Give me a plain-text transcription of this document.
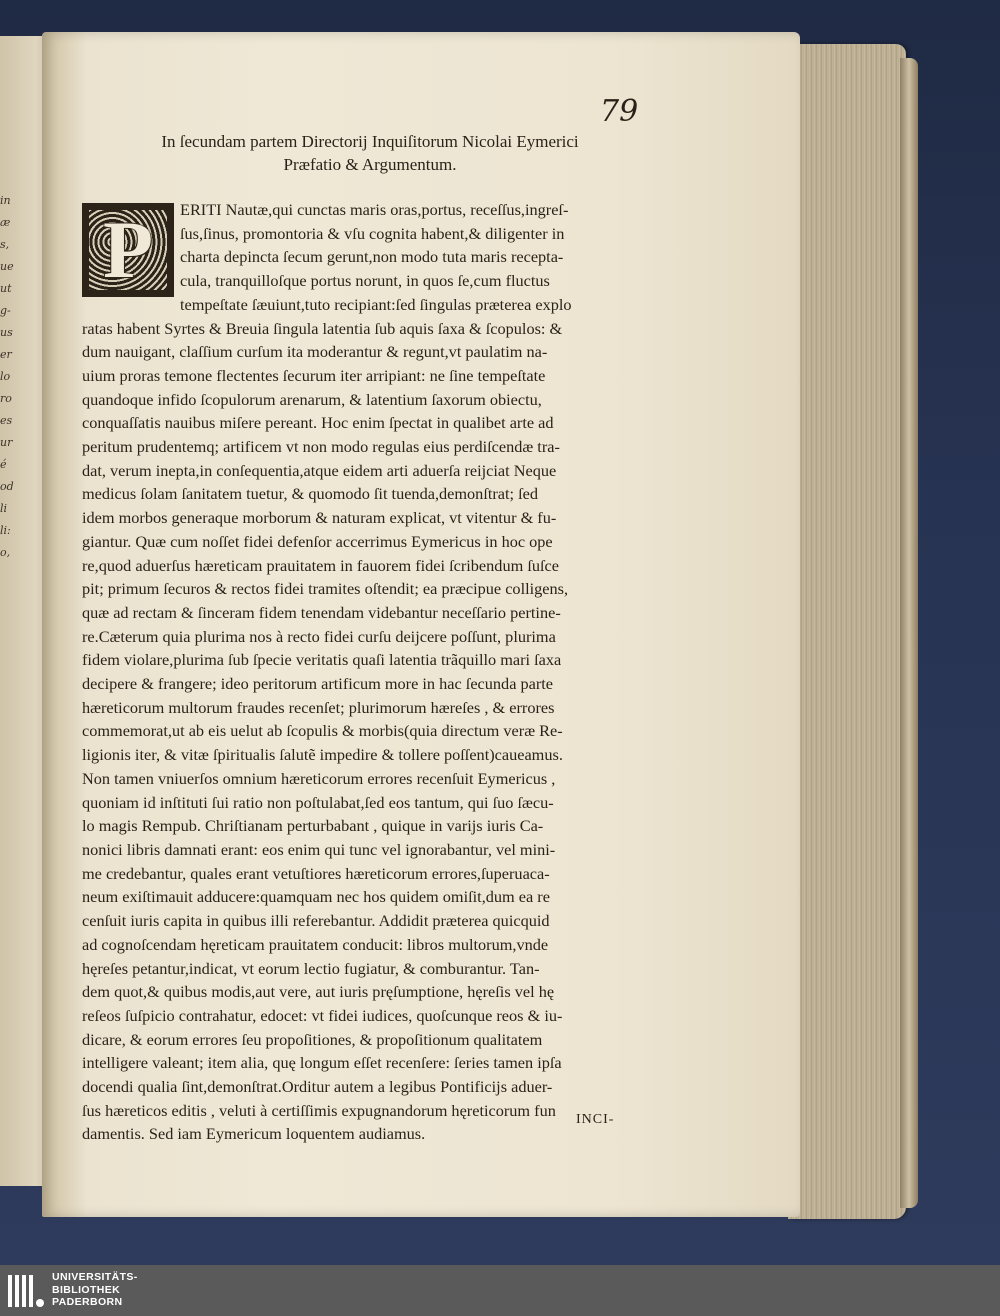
in
æ
s,
ue
ut
g-
us
er
lo
ro
es
ur
é
od
li
li:
o,

79
In ſecundam partem Directorij Inquiſitorum Nicolai Eymerici
Præfatio & Argumentum.
ERITI Nautæ,qui cunctas maris oras,portus, receſſus,ingreſ-
ſus,ſinus, promontoria & vſu cognita habent,& diligenter in
charta depincta ſecum gerunt,non modo tuta maris recepta-
cula, tranquilloſque portus norunt, in quos ſe,cum fluctus
tempeſtate ſæuiunt,tuto recipiant:ſed ſingulas præterea explo
ratas habent Syrtes & Breuia ſingula latentia ſub aquis ſaxa & ſcopulos: &
dum nauigant, claſſium curſum ita moderantur & regunt,vt paulatim na-
uium proras temone flectentes ſecurum iter arripiant: ne ſine tempeſtate
quandoque infido ſcopulorum arenarum, & latentium ſaxorum obiectu,
conquaſſatis nauibus miſere pereant. Hoc enim ſpectat in qualibet arte ad
peritum prudentemq; artificem vt non modo regulas eius perdiſcendæ tra-
dat, verum inepta,in conſequentia,atque eidem arti aduerſa reijciat Neque
medicus ſolam ſanitatem tuetur, & quomodo ſit tuenda,demonſtrat; ſed
idem morbos generaque morborum & naturam explicat, vt vitentur & fu-
giantur. Quæ cum noſſet fidei defenſor accerrimus Eymericus in hoc ope
re,quod aduerſus hæreticam prauitatem in fauorem fidei ſcribendum ſuſce
pit; primum ſecuros & rectos fidei tramites oſtendit; ea præcipue colligens,
quæ ad rectam & ſinceram fidem tenendam videbantur neceſſario pertine-
re.Cæterum quia plurima nos à recto fidei curſu deijcere poſſunt, plurima
fidem violare,plurima ſub ſpecie veritatis quaſi latentia trãquillo mari ſaxa
decipere & frangere; ideo peritorum artificum more in hac ſecunda parte
hæreticorum multorum fraudes recenſet; plurimorum hæreſes , & errores
commemorat,ut ab eis uelut ab ſcopulis & morbis(quia directum veræ Re-
ligionis iter, & vitæ ſpiritualis ſalutẽ impedire & tollere poſſent)caueamus.
Non tamen vniuerſos omnium hæreticorum errores recenſuit Eymericus ,
quoniam id inſtituti ſui ratio non poſtulabat,ſed eos tantum, qui ſuo ſæcu-
lo magis Rempub. Chriſtianam perturbabant , quique in varijs iuris Ca-
nonici libris damnati erant: eos enim qui tunc vel ignorabantur, vel mini-
me credebantur, quales erant vetuſtiores hæreticorum errores,ſuperuaca-
neum exiſtimauit adducere:quamquam nec hos quidem omiſit,dum ea re
cenſuit iuris capita in quibus illi referebantur. Addidit præterea quicquid
ad cognoſcendam hęreticam prauitatem conducit: libros multorum,vnde
hęreſes petantur,indicat, vt eorum lectio fugiatur, & comburantur. Tan-
dem quot,& quibus modis,aut vere, aut iuris pręſumptione, hęreſis vel hę
reſeos ſuſpicio contrahatur, edocet: vt fidei iudices, quoſcunque reos & iu-
dicare, & eorum errores ſeu propoſitiones, & propoſitionum qualitatem
intelligere valeant; item alia, quę longum eſſet recenſere: ſeries tamen ipſa
docendi qualia ſint,demonſtrat.Orditur autem a legibus Pontificijs aduer-
ſus hæreticos editis , veluti à certiſſimis expugnandorum hęreticorum fun
damentis. Sed iam Eymericum loquentem audiamus.
P
INCI-
UNIVERSITÄTS-
BIBLIOTHEK
PADERBORN
